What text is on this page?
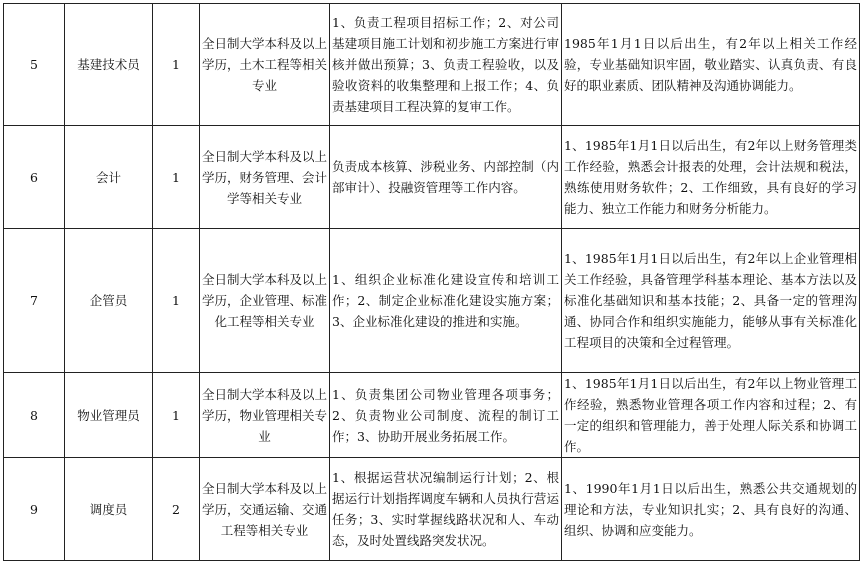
5	基建技术员	1	全日制大学本科及以上学历，土木工程等相关专业	1、负责工程项目招标工作；2、对公司基建项目施工计划和初步施工方案进行审核并做出预算；3、负责工程验收，以及验收资料的收集整理和上报工作；4、负责基建项目工程决算的复审工作。	1985年1月1日以后出生，有2年以上相关工作经验，专业基础知识牢固，敬业踏实、认真负责、有良好的职业素质、团队精神及沟通协调能力。
6	会计	1	全日制大学本科及以上学历，财务管理、会计学等相关专业	负责成本核算、涉税业务、内部控制（内部审计）、投融资管理等工作内容。	1、1985年1月1日以后出生，有2年以上财务管理类工作经验，熟悉会计报表的处理，会计法规和税法，熟练使用财务软件；2、工作细致，具有良好的学习能力、独立工作能力和财务分析能力。
7	企管员	1	全日制大学本科及以上学历，企业管理、标准化工程等相关专业	1、组织企业标准化建设宣传和培训工作；2、制定企业标准化建设实施方案；3、企业标准化建设的推进和实施。	1、1985年1月1日以后出生，有2年以上企业管理相关工作经验，具备管理学科基本理论、基本方法以及标准化基础知识和基本技能；2、具备一定的管理沟通、协同合作和组织实施能力，能够从事有关标准化工程项目的决策和全过程管理。
8	物业管理员	1	全日制大学本科及以上学历，物业管理相关专业	1、负责集团公司物业管理各项事务；2、负责物业公司制度、流程的制订工作；3、协助开展业务拓展工作。	1、1985年1月1日以后出生，有2年以上物业管理工作经验，熟悉物业管理各项工作内容和过程；2、有一定的组织和管理能力，善于处理人际关系和协调工作。
9	调度员	2	全日制大学本科及以上学历，交通运输、交通工程等相关专业	1、根据运营状况编制运行计划；2、根据运行计划指挥调度车辆和人员执行营运任务；3、实时掌握线路状况和人、车动态，及时处置线路突发状况。	1、1990年1月1日以后出生，熟悉公共交通规划的理论和方法，专业知识扎实；2、具有良好的沟通、组织、协调和应变能力。
